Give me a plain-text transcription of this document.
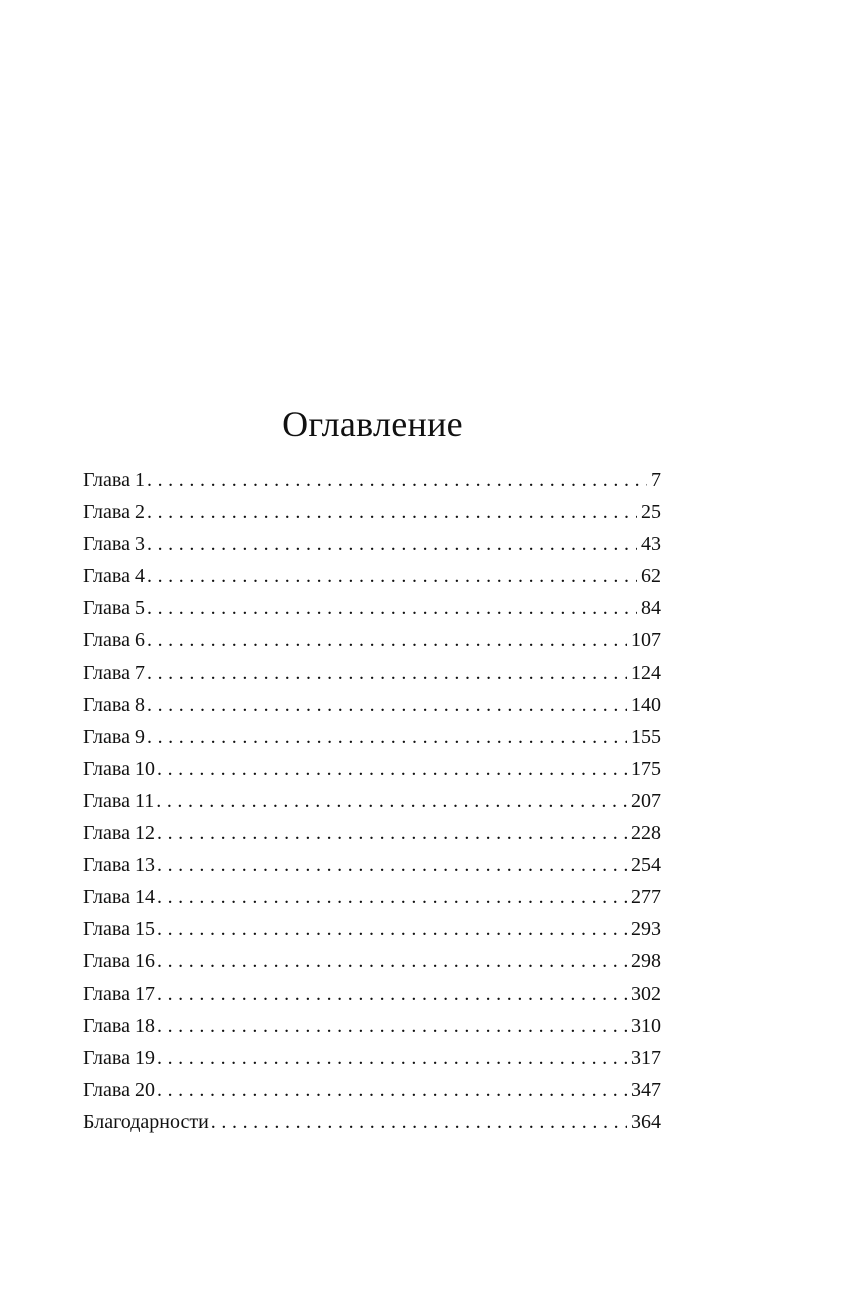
Оглавление
Глава 1 . . .	7
Глава 2 . . .	25
Глава 3 . . .	43
Глава 4 . . .	62
Глава 5 . . .	84
Глава 6 . . .	107
Глава 7 . . .	124
Глава 8 . . .	140
Глава 9 . . .	155
Глава 10 . . .	175
Глава 11 . . .	207
Глава 12 . . .	228
Глава 13 . . .	254
Глава 14 . . .	277
Глава 15 . . .	293
Глава 16 . . .	298
Глава 17 . . .	302
Глава 18 . . .	310
Глава 19 . . .	317
Глава 20 . . .	347
Благодарности . . .	364
